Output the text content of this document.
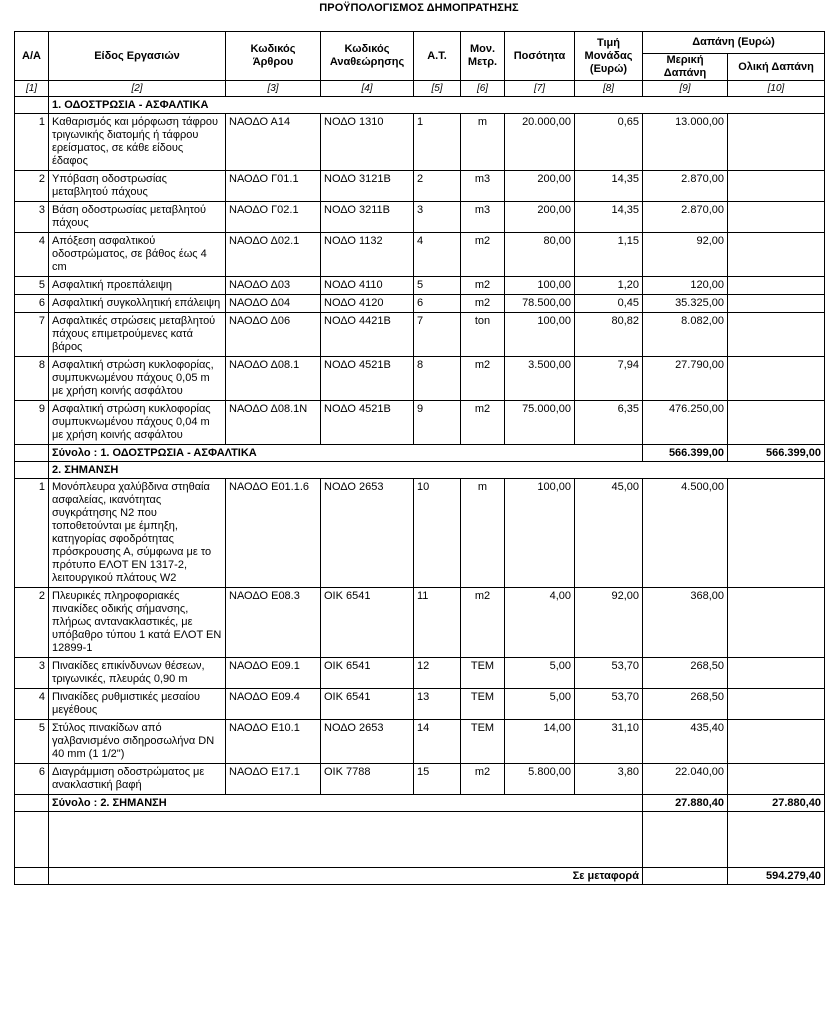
ΠΡΟΫΠΟΛΟΓΙΣΜΟΣ ΔΗΜΟΠΡΑΤΗΣΗΣ
Α/Α	Είδος Εργασιών	Κωδικός Άρθρου	Κωδικός Αναθεώρησης	Α.Τ.	Μον. Μετρ.	Ποσότητα	Τιμή Μονάδας (Ευρώ)	Δαπάνη (Ευρώ)	
								Μερική Δαπάνη	Ολική Δαπάνη
[1]	[2]	[3]	[4]	[5]	[6]	[7]	[8]	[9]	[10]
	1. ΟΔΟΣΤΡΩΣΙΑ - ΑΣΦΑΛΤΙΚΑ								
1	Καθαρισμός και μόρφωση τάφρου τριγωνικής διατομής ή τάφρου ερείσματος, σε κάθε είδους έδαφος	ΝΑΟΔΟ Α14	ΝΟΔΟ 1310	1	m	20.000,00	0,65	13.000,00	
2	Υπόβαση οδοστρωσίας μεταβλητού πάχους	ΝΑΟΔΟ Γ01.1	ΝΟΔΟ 3121Β	2	m3	200,00	14,35	2.870,00	
3	Βάση οδοστρωσίας μεταβλητού πάχους	ΝΑΟΔΟ Γ02.1	ΝΟΔΟ 3211Β	3	m3	200,00	14,35	2.870,00	
4	Απόξεση ασφαλτικού οδοστρώματος, σε βάθος έως 4 cm	ΝΑΟΔΟ Δ02.1	ΝΟΔΟ 1132	4	m2	80,00	1,15	92,00	
5	Ασφαλτική προεπάλειψη	ΝΑΟΔΟ Δ03	ΝΟΔΟ 4110	5	m2	100,00	1,20	120,00	
6	Ασφαλτική συγκολλητική επάλειψη	ΝΑΟΔΟ Δ04	ΝΟΔΟ 4120	6	m2	78.500,00	0,45	35.325,00	
7	Ασφαλτικές στρώσεις μεταβλητού πάχους επιμετρούμενες κατά βάρος	ΝΑΟΔΟ Δ06	ΝΟΔΟ 4421Β	7	ton	100,00	80,82	8.082,00	
8	Ασφαλτική στρώση κυκλοφορίας, συμπυκνωμένου πάχους 0,05 m με χρήση κοινής ασφάλτου	ΝΑΟΔΟ Δ08.1	ΝΟΔΟ 4521Β	8	m2	3.500,00	7,94	27.790,00	
9	Ασφαλτική στρώση κυκλοφορίας συμπυκνωμένου πάχους 0,04 m με χρήση κοινής ασφάλτου	ΝΑΟΔΟ Δ08.1Ν	ΝΟΔΟ 4521Β	9	m2	75.000,00	6,35	476.250,00	
	Σύνολο : 1. ΟΔΟΣΤΡΩΣΙΑ - ΑΣΦΑΛΤΙΚΑ							566.399,00	566.399,00
	2. ΣΗΜΑΝΣΗ								
1	Μονόπλευρα χαλύβδινα στηθαία ασφαλείας, ικανότητας συγκράτησης N2 που τοποθετούνται με έμπηξη, κατηγορίας σφοδρότητας πρόσκρουσης Α, σύμφωνα με το πρότυπο ΕΛΟΤ ΕΝ 1317-2, λειτουργικού πλάτους W2	ΝΑΟΔΟ Ε01.1.6	ΝΟΔΟ 2653	10	m	100,00	45,00	4.500,00	
2	Πλευρικές πληροφοριακές πινακίδες οδικής σήμανσης, πλήρως αντανακλαστικές, με υπόβαθρο τύπου 1 κατά ΕΛΟΤ ΕΝ 12899-1	ΝΑΟΔΟ Ε08.3	ΟΙΚ 6541	11	m2	4,00	92,00	368,00	
3	Πινακίδες επικίνδυνων θέσεων, τριγωνικές, πλευράς 0,90 m	ΝΑΟΔΟ Ε09.1	ΟΙΚ 6541	12	ΤΕΜ	5,00	53,70	268,50	
4	Πινακίδες ρυθμιστικές μεσαίου μεγέθους	ΝΑΟΔΟ Ε09.4	ΟΙΚ 6541	13	ΤΕΜ	5,00	53,70	268,50	
5	Στύλος πινακίδων από γαλβανισμένο σιδηροσωλήνα DN 40 mm (1 1/2")	ΝΑΟΔΟ Ε10.1	ΝΟΔΟ 2653	14	ΤΕΜ	14,00	31,10	435,40	
6	Διαγράμμιση οδοστρώματος με ανακλαστική βαφή	ΝΑΟΔΟ Ε17.1	ΟΙΚ 7788	15	m2	5.800,00	3,80	22.040,00	
	Σύνολο : 2. ΣΗΜΑΝΣΗ							27.880,40	27.880,40

	Σε μεταφορά								594.279,40
